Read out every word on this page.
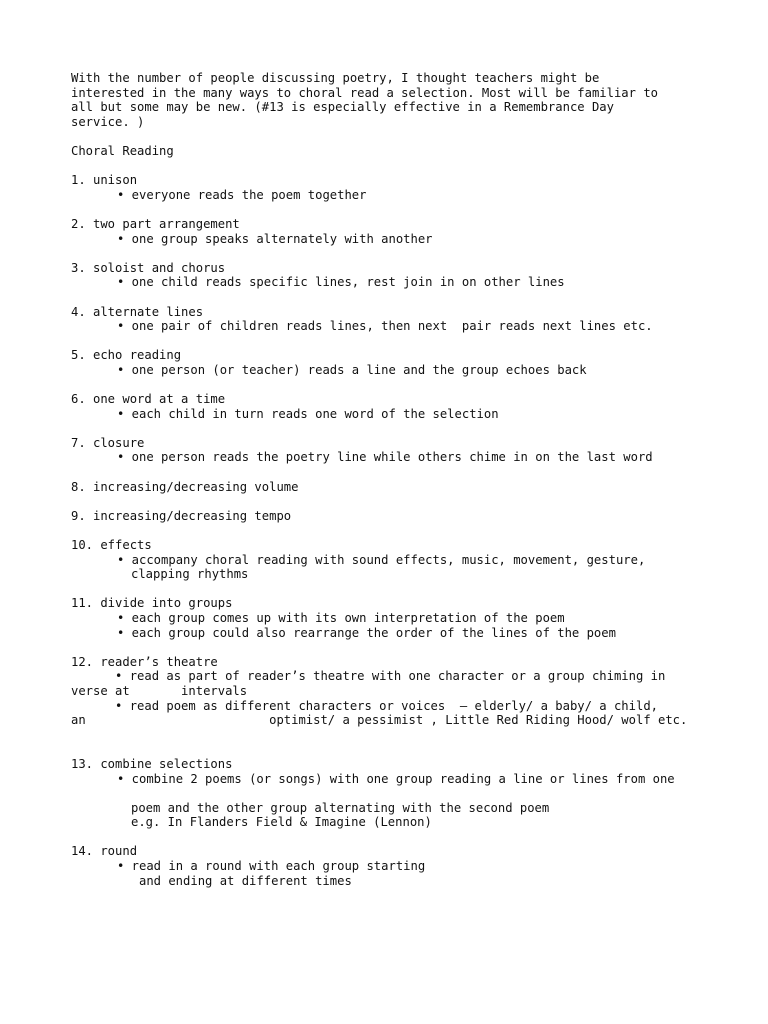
With the number of people discussing poetry, I thought teachers might be
interested in the many ways to choral read a selection. Most will be familiar to
all but some may be new. (#13 is especially effective in a Remembrance Day
service. )
Choral Reading
1. unison
• everyone reads the poem together
2. two part arrangement
• one group speaks alternately with another
3. soloist and chorus
• one child reads specific lines, rest join in on other lines
4. alternate lines
• one pair of children reads lines, then next  pair reads next lines etc.
5. echo reading
• one person (or teacher) reads a line and the group echoes back
6. one word at a time
• each child in turn reads one word of the selection
7. closure
• one person reads the poetry line while others chime in on the last word
8. increasing/decreasing volume
9. increasing/decreasing tempo
10. effects
• accompany choral reading with sound effects, music, movement, gesture,
clapping rhythms
11. divide into groups
• each group comes up with its own interpretation of the poem
• each group could also rearrange the order of the lines of the poem
12. reader’s theatre
• read as part of reader’s theatre with one character or a group chiming in
verse at       intervals
• read poem as different characters or voices  – elderly/ a baby/ a child,
an                         optimist/ a pessimist , Little Red Riding Hood/ wolf etc.
13. combine selections
• combine 2 poems (or songs) with one group reading a line or lines from one
poem and the other group alternating with the second poem
e.g. In Flanders Field & Imagine (Lennon)
14. round
• read in a round with each group starting
and ending at different times
